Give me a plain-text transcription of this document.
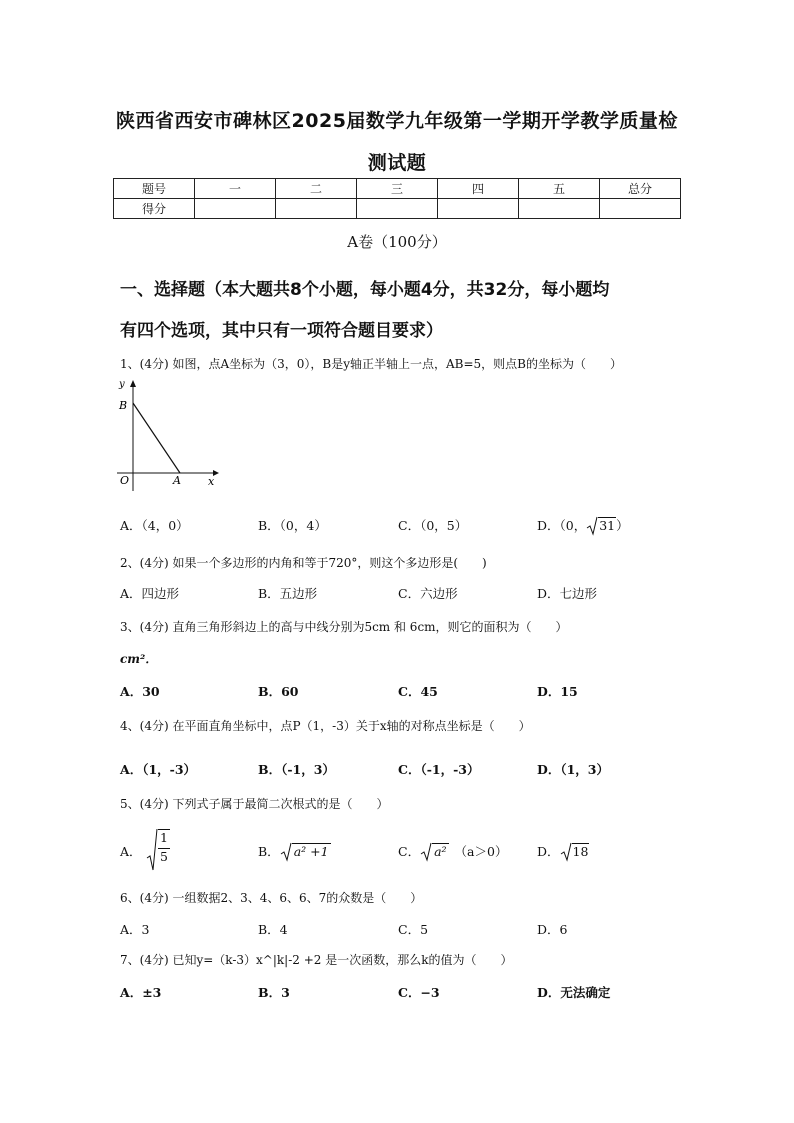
陕西省西安市碑林区2025届数学九年级第一学期开学教学质量检
测试题
题号	一	二	三	四	五	总分
得分						
A卷（100分）
一、选择题（本大题共8个小题，每小题4分，共32分，每小题均
有四个选项，其中只有一项符合题目要求）
1、(4分) 如图，点A坐标为（3，0），B是y轴正半轴上一点，AB=5，则点B的坐标为（　　）
y
B
O	A x
A．（4，0）	B．（0，4）	C．（0，5）	D．（0， 31）
2、(4分) 如果一个多边形的内角和等于720°，则这个多边形是(　　)
A．四边形	B．五边形	C．六边形	D．七边形
3、(4分) 直角三角形斜边上的高与中线分别为5cm 和 6cm，则它的面积为（　　）
cm²．
A．30	B．60	C．45	D．15
4、(4分) 在平面直角坐标中，点P（1，-3）关于x轴的对称点坐标是（　　）
A．（1，-3）	B．（-1，3）	C．（-1，-3）	D．（1，3）
5、(4分) 下列式子属于最简二次根式的是（　　）
A．
1
5	B． a² +1	C． a² （a＞0） D． 18
6、(4分) 一组数据2、3、4、6、6、7的众数是（　　）
A．3	B．4	C．5	D．6
7、(4分) 已知y=（k-3）x^|k|-2 +2 是一次函数，那么k的值为（　　）
A．±3	B．3	C．−3	D．无法确定
